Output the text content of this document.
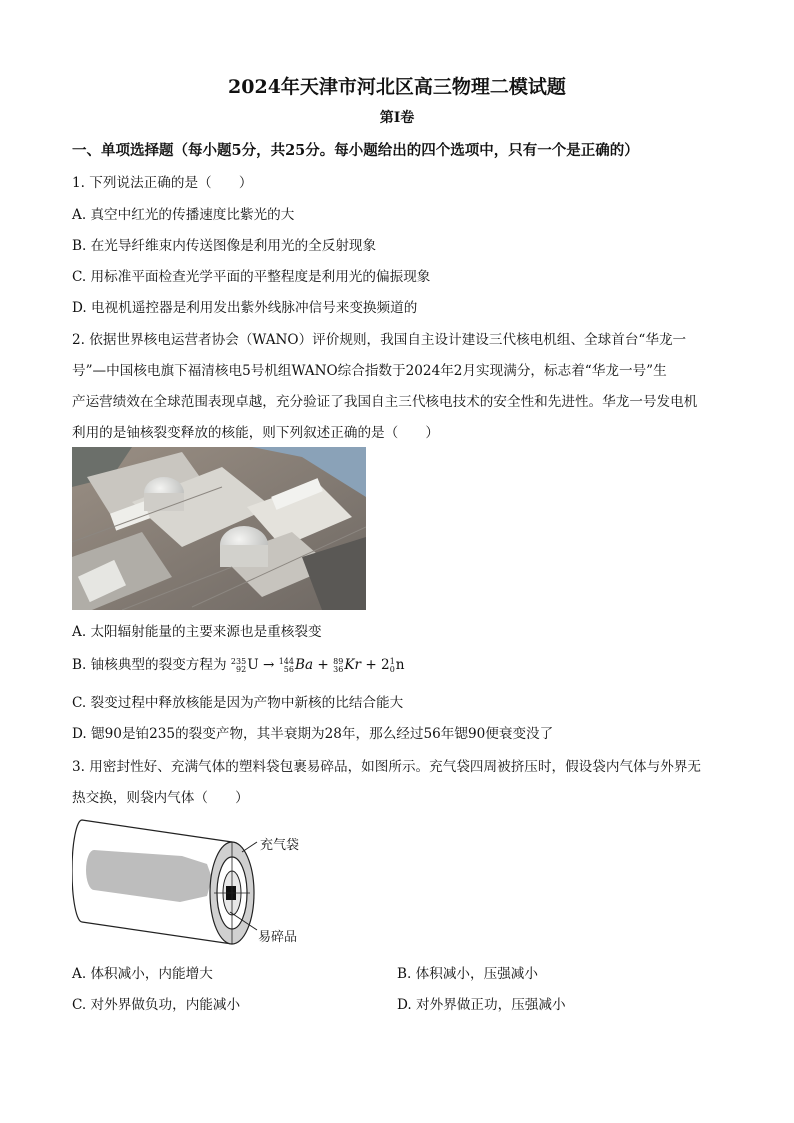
2024年天津市河北区高三物理二模试题
第Ⅰ卷
一、单项选择题（每小题5分，共25分。每小题给出的四个选项中，只有一个是正确的）
1. 下列说法正确的是（　　）
A. 真空中红光的传播速度比紫光的大
B. 在光导纤维束内传送图像是利用光的全反射现象
C. 用标准平面检查光学平面的平整程度是利用光的偏振现象
D. 电视机遥控器是利用发出紫外线脉冲信号来变换频道的
2. 依据世界核电运营者协会（WANO）评价规则，我国自主设计建设三代核电机组、全球首台“华龙一
号”—中国核电旗下福清核电5号机组WANO综合指数于2024年2月实现满分，标志着“华龙一号”生
产运营绩效在全球范围表现卓越，充分验证了我国自主三代核电技术的安全性和先进性。华龙一号发电机
利用的是铀核裂变释放的核能，则下列叙述正确的是（　　）
A. 太阳辐射能量的主要来源也是重核裂变
B. 铀核典型的裂变方程为 235
92U → 144
56Ba + 89
36Kr + 21
0n
C. 裂变过程中释放核能是因为产物中新核的比结合能大
D. 锶90是铂235的裂变产物，其半衰期为28年，那么经过56年锶90便衰变没了
3. 用密封性好、充满气体的塑料袋包裹易碎品，如图所示。充气袋四周被挤压时，假设袋内气体与外界无
热交换，则袋内气体（　　）
充气袋
易碎品
A. 体积减小，内能增大	B. 体积减小，压强减小
C. 对外界做负功，内能减小	D. 对外界做正功，压强减小
